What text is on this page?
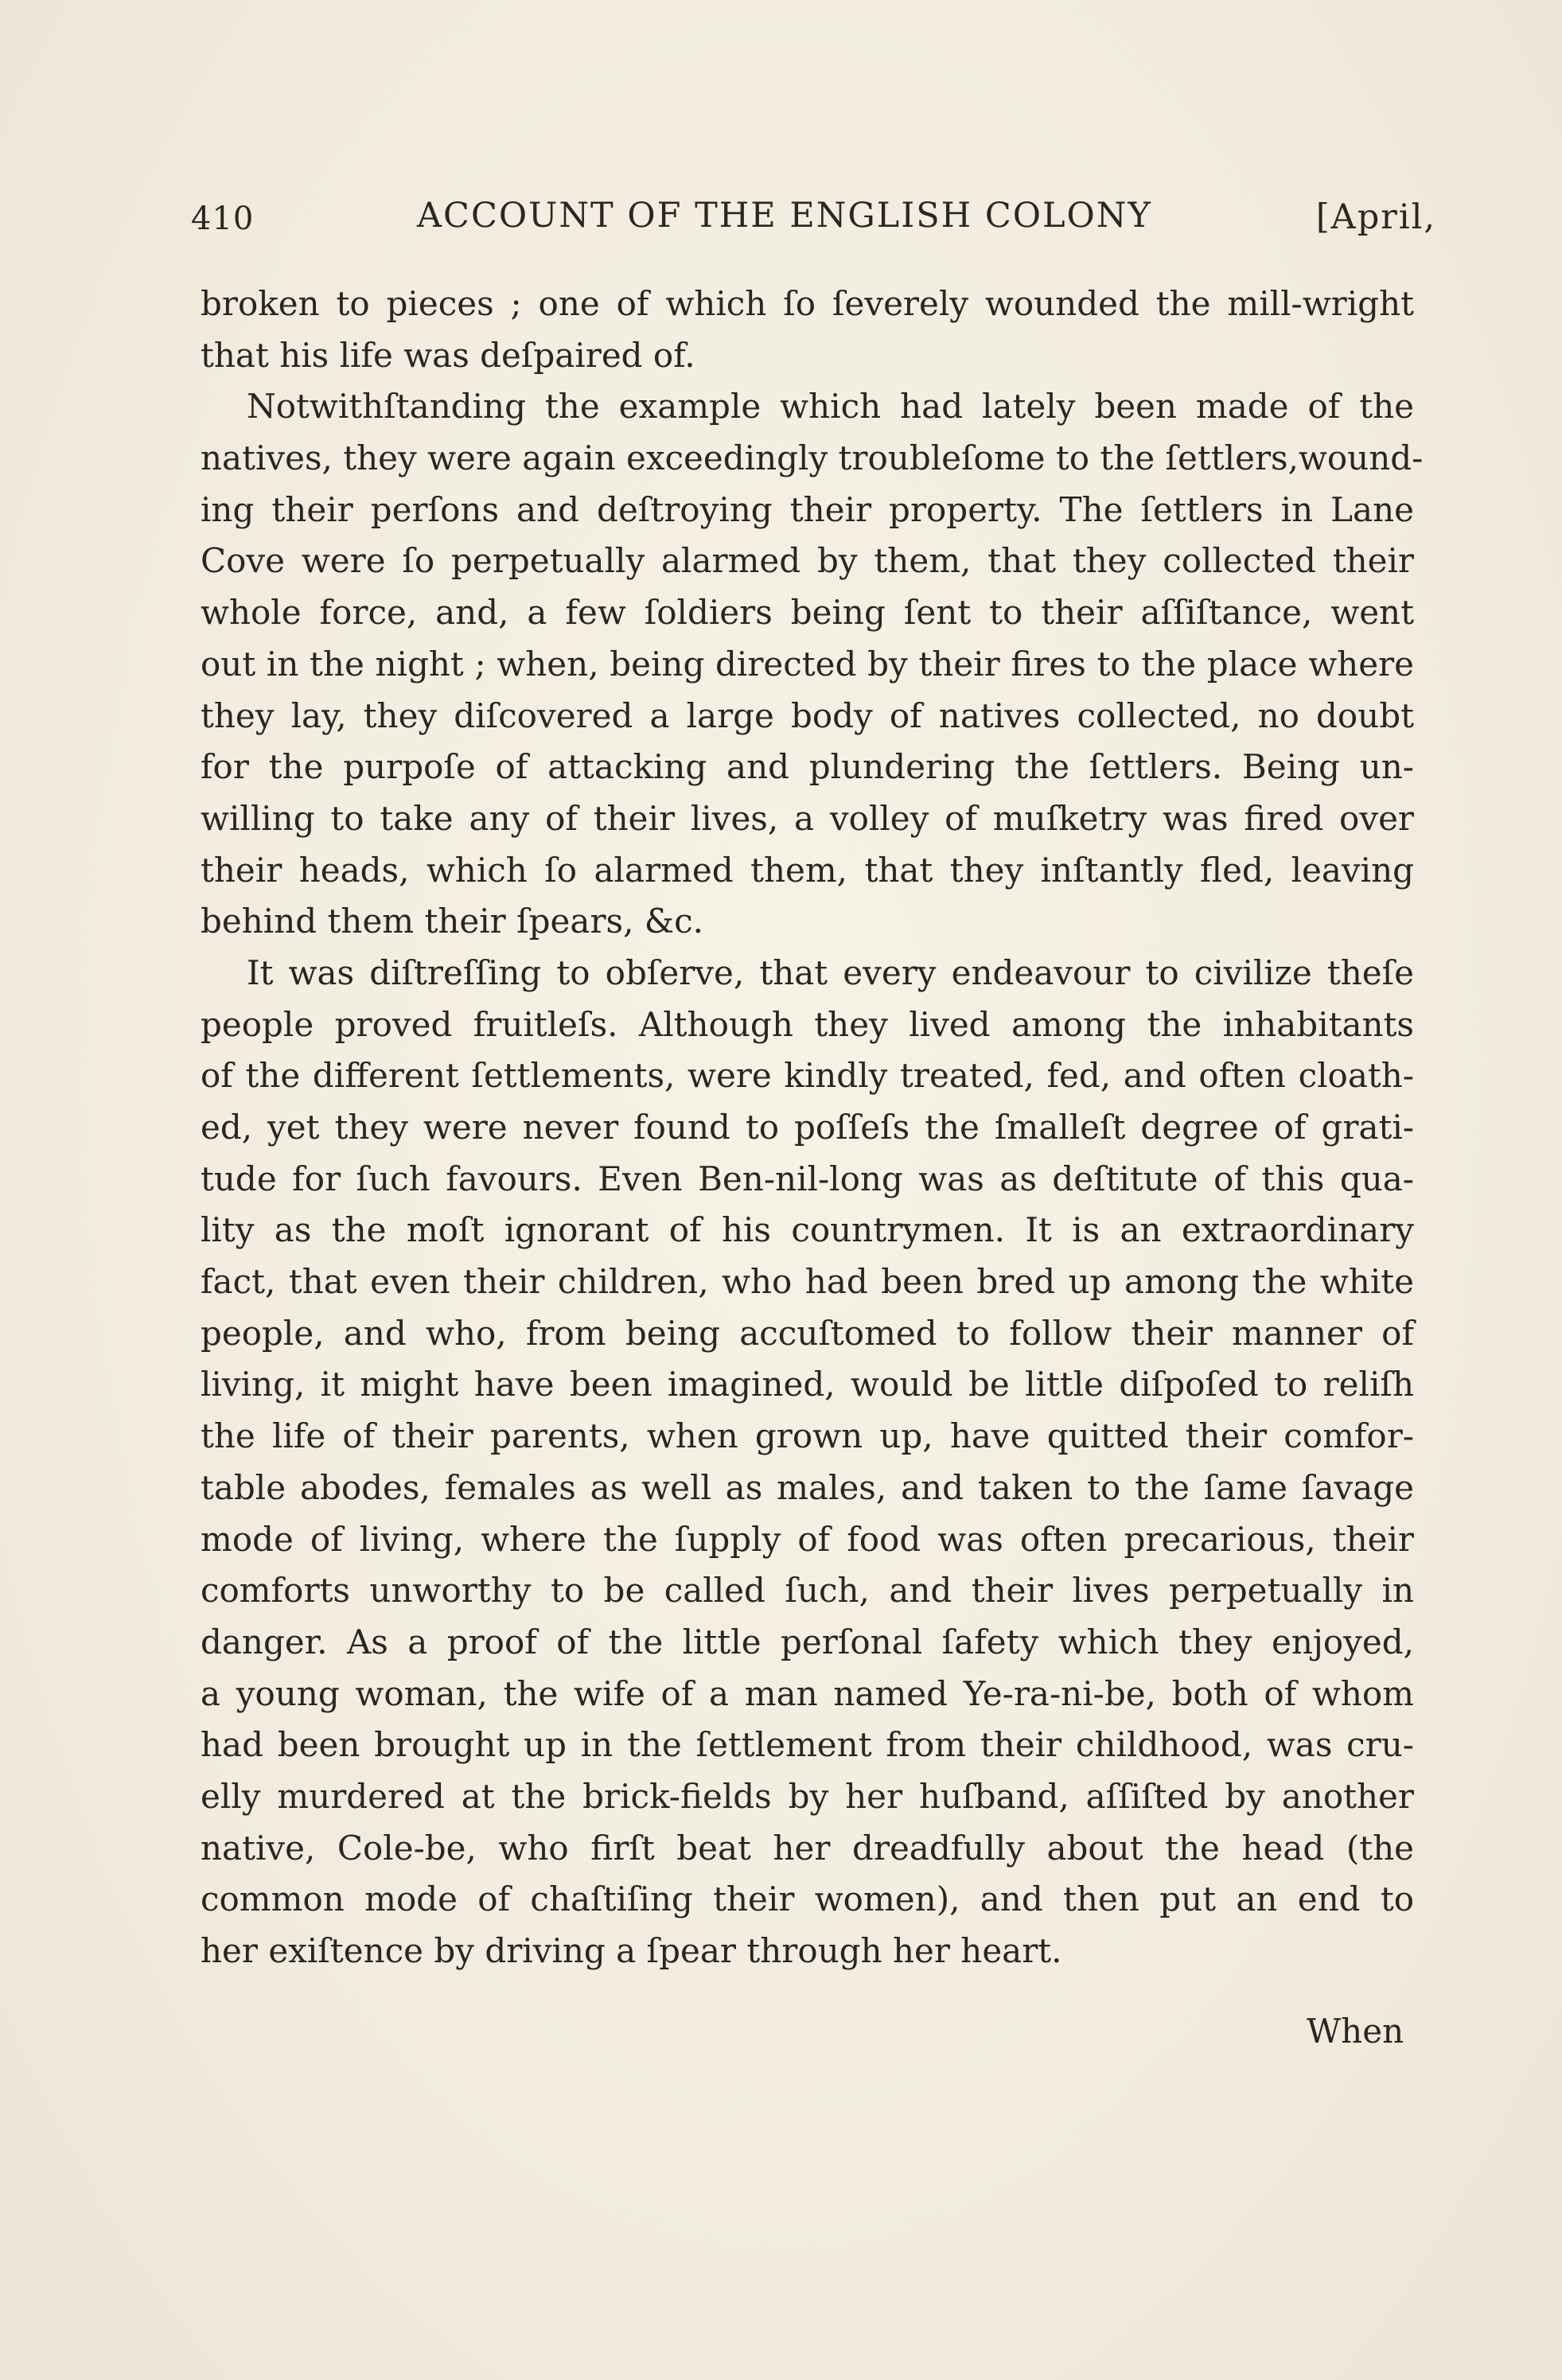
410	ACCOUNT OF THE ENGLISH COLONY	[April,
broken to pieces ; one of which ſo ſeverely wounded the mill-wright
that his life was deſpaired of.
Notwithſtanding the example which had lately been made of the
natives, they were again exceedingly troubleſome to the ſettlers,wound-
ing their perſons and deſtroying their property. The ſettlers in Lane
Cove were ſo perpetually alarmed by them, that they collected their
whole force, and, a few ſoldiers being ſent to their aſſiſtance, went
out in the night ; when, being directed by their fires to the place where
they lay, they diſcovered a large body of natives collected, no doubt
for the purpoſe of attacking and plundering the ſettlers. Being un-
willing to take any of their lives, a volley of muſketry was fired over
their heads, which ſo alarmed them, that they inſtantly fled, leaving
behind them their ſpears, &c.
It was diſtreſſing to obſerve, that every endeavour to civilize theſe
people proved fruitleſs. Although they lived among the inhabitants
of the different ſettlements, were kindly treated, fed, and often cloath-
ed, yet they were never found to poſſeſs the ſmalleſt degree of grati-
tude for ſuch favours. Even Ben-nil-long was as deſtitute of this qua-
lity as the moſt ignorant of his countrymen. It is an extraordinary
fact, that even their children, who had been bred up among the white
people, and who, from being accuſtomed to follow their manner of
living, it might have been imagined, would be little diſpoſed to reliſh
the life of their parents, when grown up, have quitted their comfor-
table abodes, females as well as males, and taken to the ſame ſavage
mode of living, where the ſupply of food was often precarious, their
comforts unworthy to be called ſuch, and their lives perpetually in
danger. As a proof of the little perſonal ſafety which they enjoyed,
a young woman, the wife of a man named Ye-ra-ni-be, both of whom
had been brought up in the ſettlement from their childhood, was cru-
elly murdered at the brick-fields by her huſband, aſſiſted by another
native, Cole-be, who firſt beat her dreadfully about the head (the
common mode of chaſtiſing their women), and then put an end to
her exiſtence by driving a ſpear through her heart.
When
